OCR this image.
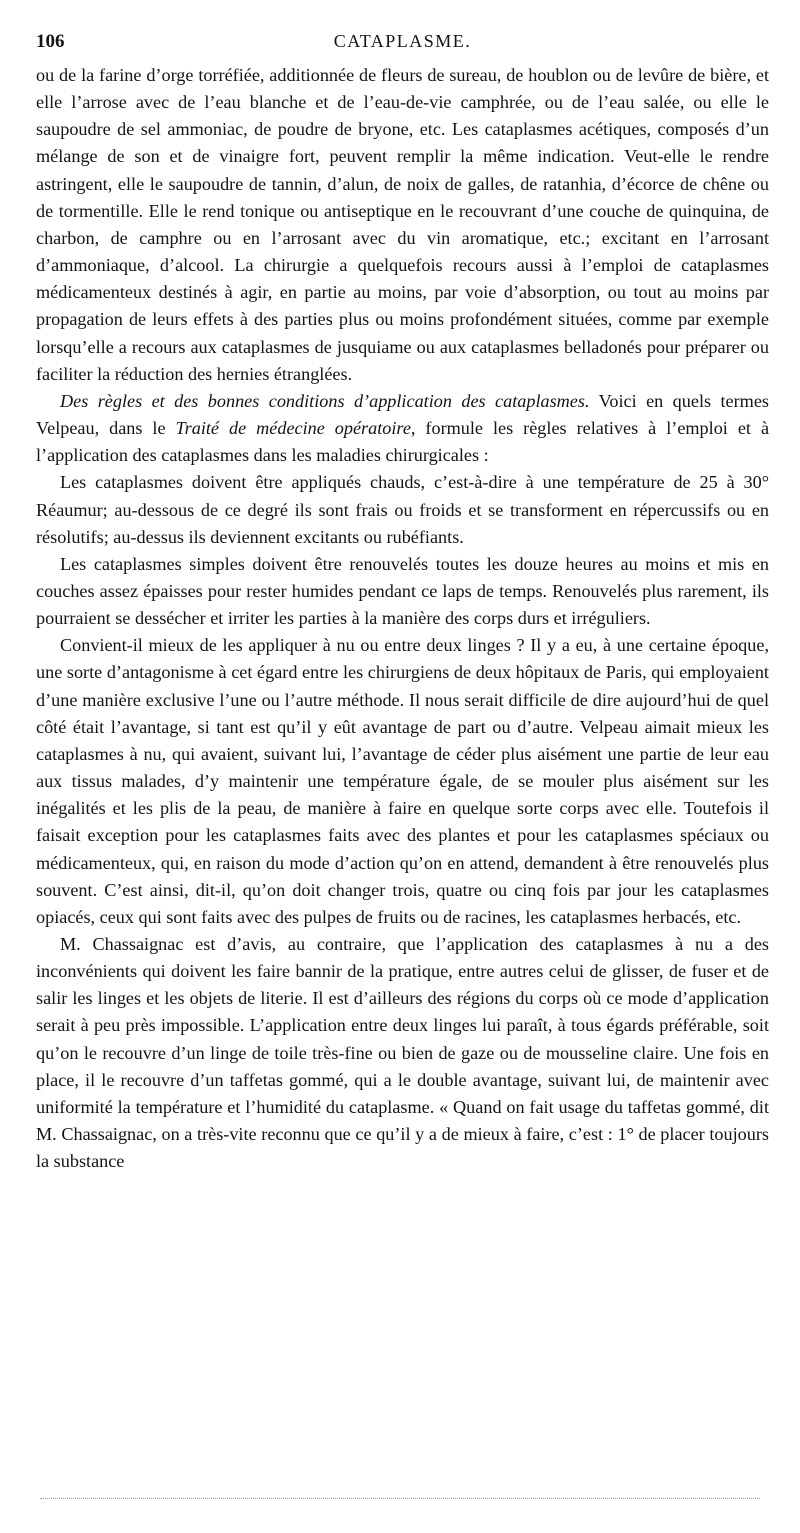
106	CATAPLASME.

ou de la farine d’orge torréfiée, additionnée de fleurs de sureau, de houblon ou de levûre de bière, et elle l’arrose avec de l’eau blanche et de l’eau-de-vie camphrée, ou de l’eau salée, ou elle le saupoudre de sel ammoniac, de poudre de bryone, etc. Les cataplasmes acétiques, composés d’un mélange de son et de vinaigre fort, peuvent remplir la même indication. Veut-elle le rendre astringent, elle le saupoudre de tannin, d’alun, de noix de galles, de ratanhia, d’écorce de chêne ou de tormentille. Elle le rend tonique ou antiseptique en le recouvrant d’une couche de quinquina, de charbon, de camphre ou en l’arrosant avec du vin aromatique, etc.; excitant en l’arrosant d’ammoniaque, d’alcool. La chirurgie a quelquefois recours aussi à l’emploi de cataplasmes médicamenteux destinés à agir, en partie au moins, par voie d’absorption, ou tout au moins par propagation de leurs effets à des parties plus ou moins profondément situées, comme par exemple lorsqu’elle a recours aux cataplasmes de jusquiame ou aux cataplasmes belladonés pour préparer ou faciliter la réduction des hernies étranglées.

Des règles et des bonnes conditions d’application des cataplasmes. Voici en quels termes Velpeau, dans le Traité de médecine opératoire, formule les règles relatives à l’emploi et à l’application des cataplasmes dans les maladies chirurgicales :

Les cataplasmes doivent être appliqués chauds, c’est-à-dire à une température de 25 à 30° Réaumur; au-dessous de ce degré ils sont frais ou froids et se transforment en répercussifs ou en résolutifs; au-dessus ils deviennent excitants ou rubéfiants.

Les cataplasmes simples doivent être renouvelés toutes les douze heures au moins et mis en couches assez épaisses pour rester humides pendant ce laps de temps. Renouvelés plus rarement, ils pourraient se dessécher et irriter les parties à la manière des corps durs et irréguliers.

Convient-il mieux de les appliquer à nu ou entre deux linges ? Il y a eu, à une certaine époque, une sorte d’antagonisme à cet égard entre les chirurgiens de deux hôpitaux de Paris, qui employaient d’une manière exclusive l’une ou l’autre méthode. Il nous serait difficile de dire aujourd’hui de quel côté était l’avantage, si tant est qu’il y eût avantage de part ou d’autre. Velpeau aimait mieux les cataplasmes à nu, qui avaient, suivant lui, l’avantage de céder plus aisément une partie de leur eau aux tissus malades, d’y maintenir une température égale, de se mouler plus aisément sur les inégalités et les plis de la peau, de manière à faire en quelque sorte corps avec elle. Toutefois il faisait exception pour les cataplasmes faits avec des plantes et pour les cataplasmes spéciaux ou médicamenteux, qui, en raison du mode d’action qu’on en attend, demandent à être renouvelés plus souvent. C’est ainsi, dit-il, qu’on doit changer trois, quatre ou cinq fois par jour les cataplasmes opiacés, ceux qui sont faits avec des pulpes de fruits ou de racines, les cataplasmes herbacés, etc.

M. Chassaignac est d’avis, au contraire, que l’application des cataplasmes à nu a des inconvénients qui doivent les faire bannir de la pratique, entre autres celui de glisser, de fuser et de salir les linges et les objets de literie. Il est d’ailleurs des régions du corps où ce mode d’application serait à peu près impossible. L’application entre deux linges lui paraît, à tous égards préférable, soit qu’on le recouvre d’un linge de toile très-fine ou bien de gaze ou de mousseline claire. Une fois en place, il le recouvre d’un taffetas gommé, qui a le double avantage, suivant lui, de maintenir avec uniformité la température et l’humidité du cataplasme. « Quand on fait usage du taffetas gommé, dit M. Chassaignac, on a très-vite reconnu que ce qu’il y a de mieux à faire, c’est : 1° de placer toujours la substance
